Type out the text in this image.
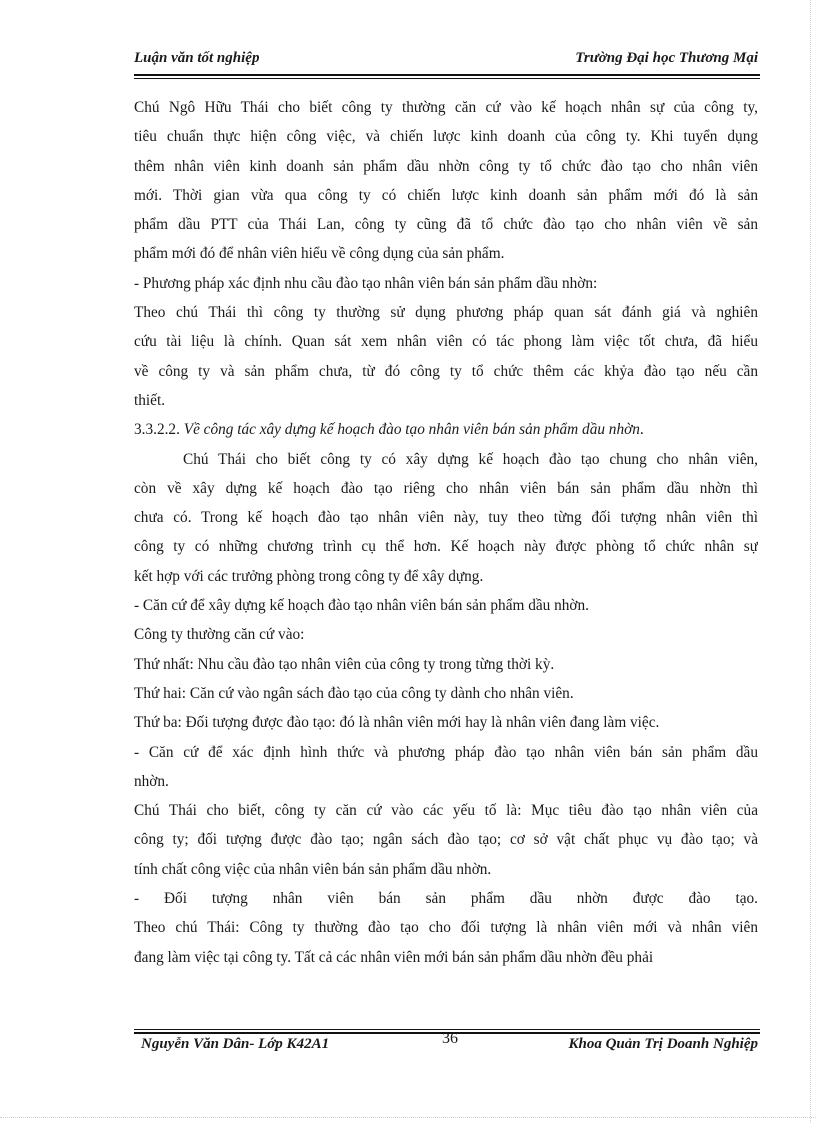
Luận văn tốt nghiệp	Trường Đại học Thương Mại
Chú Ngô Hữu Thái cho biết công ty thường căn cứ vào kế hoạch nhân sự của công ty,
tiêu chuẩn thực hiện công việc, và chiến lược kinh doanh của công ty. Khi tuyển dụng
thêm nhân viên kinh doanh sản phẩm dầu nhờn công ty tổ chức đào tạo cho nhân viên
mới. Thời gian vừa qua công ty có chiến lược kinh doanh sản phẩm mới đó là sản
phẩm dầu PTT của Thái Lan, công ty cũng đã tổ chức đào tạo cho nhân viên về sản
phẩm mới đó để nhân viên hiểu về công dụng của sản phẩm.
- Phương pháp xác định nhu cầu đào tạo nhân viên bán sản phẩm dầu nhờn:
Theo chú Thái thì công ty thường sử dụng phương pháp quan sát đánh giá và nghiên
cứu tài liệu là chính. Quan sát xem nhân viên có tác phong làm việc tốt chưa, đã hiểu
về công ty và sản phẩm chưa, từ đó công ty tổ chức thêm các khỷa đào tạo nếu cần
thiết.
3.3.2.2. Về công tác xây dựng kế hoạch đào tạo nhân viên bán sản phẩm dầu nhờn.
Chú Thái cho biết công ty có xây dựng kế hoạch đào tạo chung cho nhân viên,
còn về xây dựng kế hoạch đào tạo riêng cho nhân viên bán sản phẩm dầu nhờn thì
chưa có. Trong kế hoạch đào tạo nhân viên này, tuy theo từng đối tượng nhân viên thì
công ty có những chương trình cụ thể hơn. Kế hoạch này được phòng tổ chức nhân sự
kết hợp với các trưởng phòng trong công ty để xây dựng.
- Căn cứ để xây dựng kế hoạch đào tạo nhân viên bán sản phẩm dầu nhờn.
Công ty thường căn cứ vào:
Thứ nhất: Nhu cầu đào tạo nhân viên của công ty trong từng thời kỳ.
Thứ hai: Căn cứ vào ngân sách đào tạo của công ty dành cho nhân viên.
Thứ ba: Đối tượng được đào tạo: đó là nhân viên mới hay là nhân viên đang làm việc.
- Căn cứ để xác định hình thức và phương pháp đào tạo nhân viên bán sản phẩm dầu
nhờn.
Chú Thái cho biết, công ty căn cứ vào các yếu tố là: Mục tiêu đào tạo nhân viên của
công ty; đối tượng được đào tạo; ngân sách đào tạo; cơ sở vật chất phục vụ đào tạo; và
tính chất công việc của nhân viên bán sản phẩm dầu nhờn.
- Đối tượng nhân viên bán sản phẩm dầu nhờn được đào tạo.
Theo chú Thái: Công ty thường đào tạo cho đối tượng là nhân viên mới và nhân viên
đang làm việc tại công ty. Tất cả các nhân viên mới bán sản phẩm dầu nhờn đều phải
Nguyễn Văn Dân- Lớp K42A1	36	Khoa Quản Trị Doanh Nghiệp
